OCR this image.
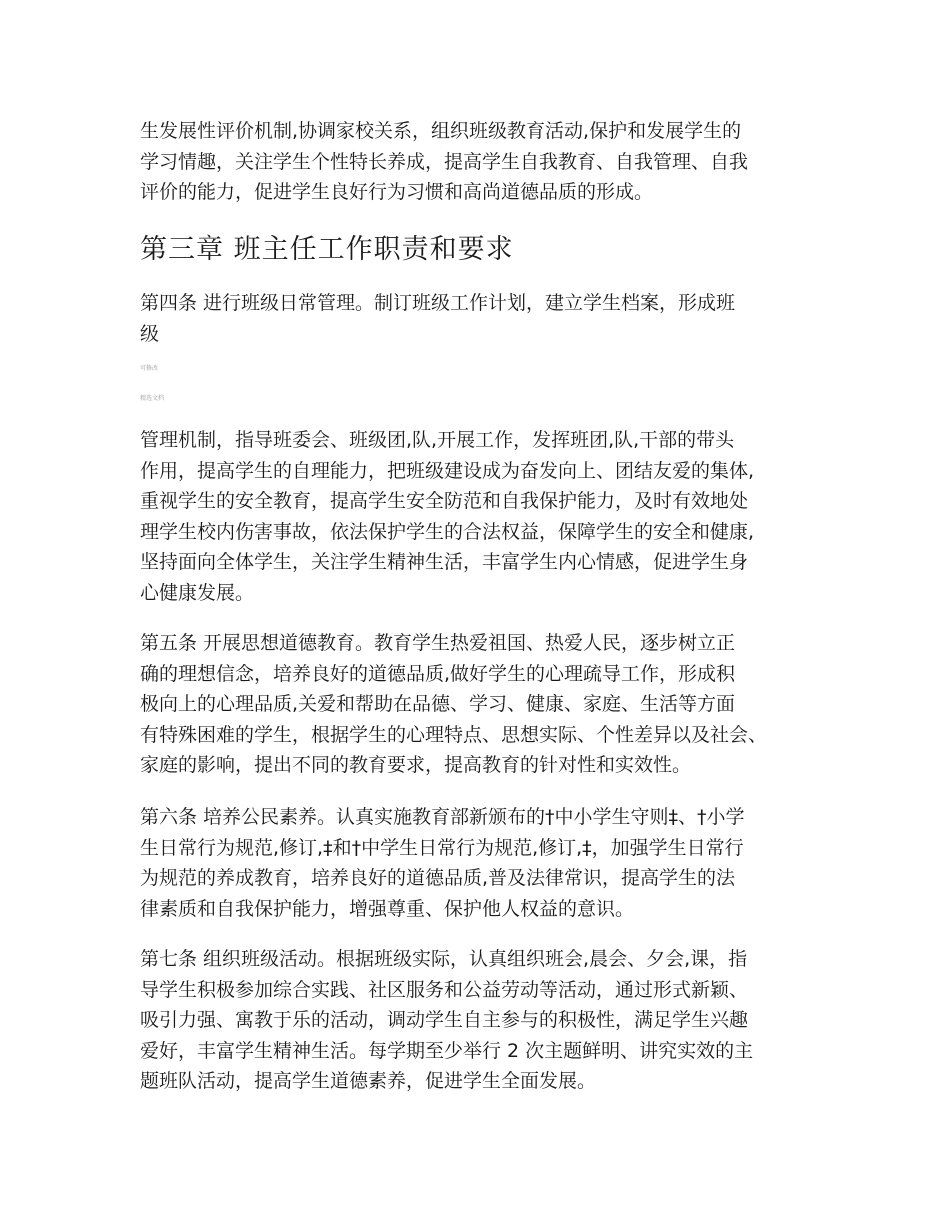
生发展性评价机制,协调家校关系，组织班级教育活动,保护和发展学生的
学习情趣，关注学生个性特长养成，提高学生自我教育、自我管理、自我
评价的能力，促进学生良好行为习惯和高尚道德品质的形成。
第三章 班主任工作职责和要求
第四条 进行班级日常管理。制订班级工作计划，建立学生档案，形成班
级

可修改

精选文档

管理机制，指导班委会、班级团,队,开展工作，发挥班团,队,干部的带头
作用，提高学生的自理能力，把班级建设成为奋发向上、团结友爱的集体,
重视学生的安全教育，提高学生安全防范和自我保护能力，及时有效地处
理学生校内伤害事故，依法保护学生的合法权益，保障学生的安全和健康,
坚持面向全体学生，关注学生精神生活，丰富学生内心情感，促进学生身
心健康发展。
第五条 开展思想道德教育。教育学生热爱祖国、热爱人民，逐步树立正
确的理想信念，培养良好的道德品质,做好学生的心理疏导工作，形成积
极向上的心理品质,关爱和帮助在品德、学习、健康、家庭、生活等方面
有特殊困难的学生，根据学生的心理特点、思想实际、个性差异以及社会、
家庭的影响，提出不同的教育要求，提高教育的针对性和实效性。
第六条 培养公民素养。认真实施教育部新颁布的†中小学生守则‡、†小学
生日常行为规范,修订,‡和†中学生日常行为规范,修订,‡，加强学生日常行
为规范的养成教育，培养良好的道德品质,普及法律常识，提高学生的法
律素质和自我保护能力，增强尊重、保护他人权益的意识。
第七条 组织班级活动。根据班级实际，认真组织班会,晨会、夕会,课，指
导学生积极参加综合实践、社区服务和公益劳动等活动，通过形式新颖、
吸引力强、寓教于乐的活动，调动学生自主参与的积极性，满足学生兴趣
爱好，丰富学生精神生活。每学期至少举行 2 次主题鲜明、讲究实效的主
题班队活动，提高学生道德素养，促进学生全面发展。
